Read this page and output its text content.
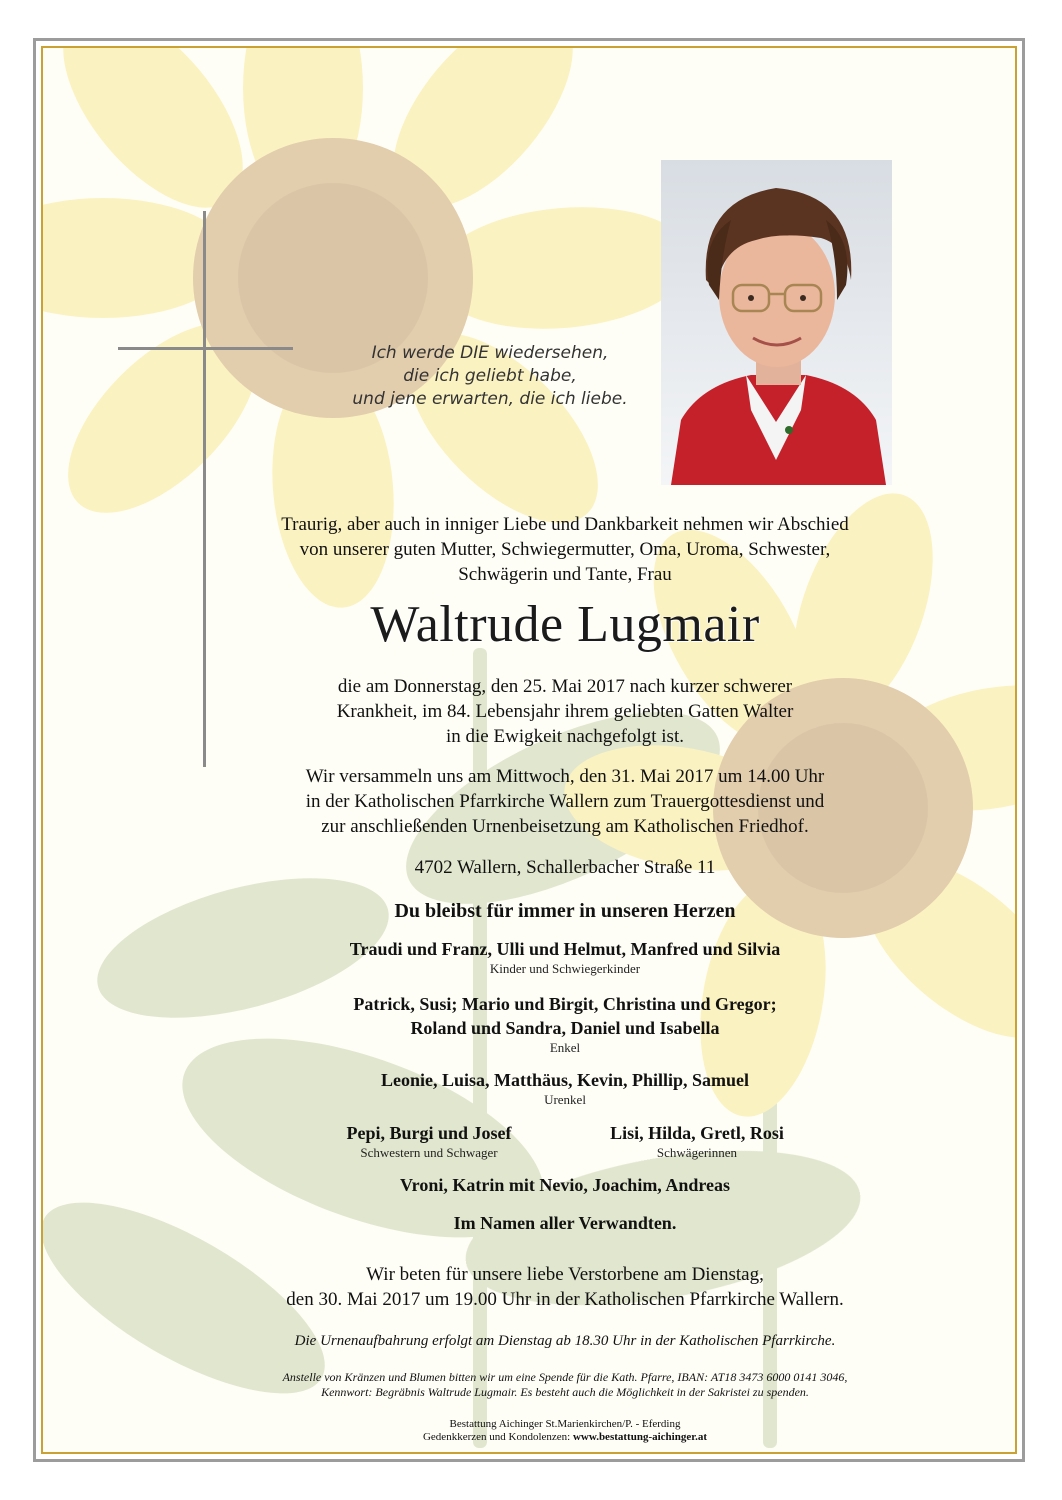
Ich werde DIE wiedersehen,
die ich geliebt habe,
und jene erwarten, die ich liebe.
Traurig, aber auch in inniger Liebe und Dankbarkeit nehmen wir Abschied
von unserer guten Mutter, Schwiegermutter, Oma, Uroma, Schwester,
Schwägerin und Tante, Frau
Waltrude Lugmair
die am Donnerstag, den 25. Mai 2017 nach kurzer schwerer
Krankheit, im 84. Lebensjahr ihrem geliebten Gatten Walter
in die Ewigkeit nachgefolgt ist.
Wir versammeln uns am Mittwoch, den 31. Mai 2017 um 14.00 Uhr
in der Katholischen Pfarrkirche Wallern zum Trauergottesdienst und
zur anschließenden Urnenbeisetzung am Katholischen Friedhof.
4702 Wallern, Schallerbacher Straße 11
Du bleibst für immer in unseren Herzen
Traudi und Franz, Ulli und Helmut, Manfred und Silvia
Kinder und Schwiegerkinder
Patrick, Susi; Mario und Birgit, Christina und Gregor;
Roland und Sandra, Daniel und Isabella
Enkel
Leonie, Luisa, Matthäus, Kevin, Phillip, Samuel
Urenkel
Pepi, Burgi und Josef
Schwestern und Schwager
Lisi, Hilda, Gretl, Rosi
Schwägerinnen
Vroni, Katrin mit Nevio, Joachim, Andreas
Im Namen aller Verwandten.
Wir beten für unsere liebe Verstorbene am Dienstag,
den 30. Mai 2017 um 19.00 Uhr in der Katholischen Pfarrkirche Wallern.
Die Urnenaufbahrung erfolgt am Dienstag ab 18.30 Uhr in der Katholischen Pfarrkirche.
Anstelle von Kränzen und Blumen bitten wir um eine Spende für die Kath. Pfarre, IBAN: AT18 3473 6000 0141 3046,
Kennwort: Begräbnis Waltrude Lugmair. Es besteht auch die Möglichkeit in der Sakristei zu spenden.
Bestattung Aichinger St.Marienkirchen/P. - Eferding
Gedenkkerzen und Kondolenzen: www.bestattung-aichinger.at
